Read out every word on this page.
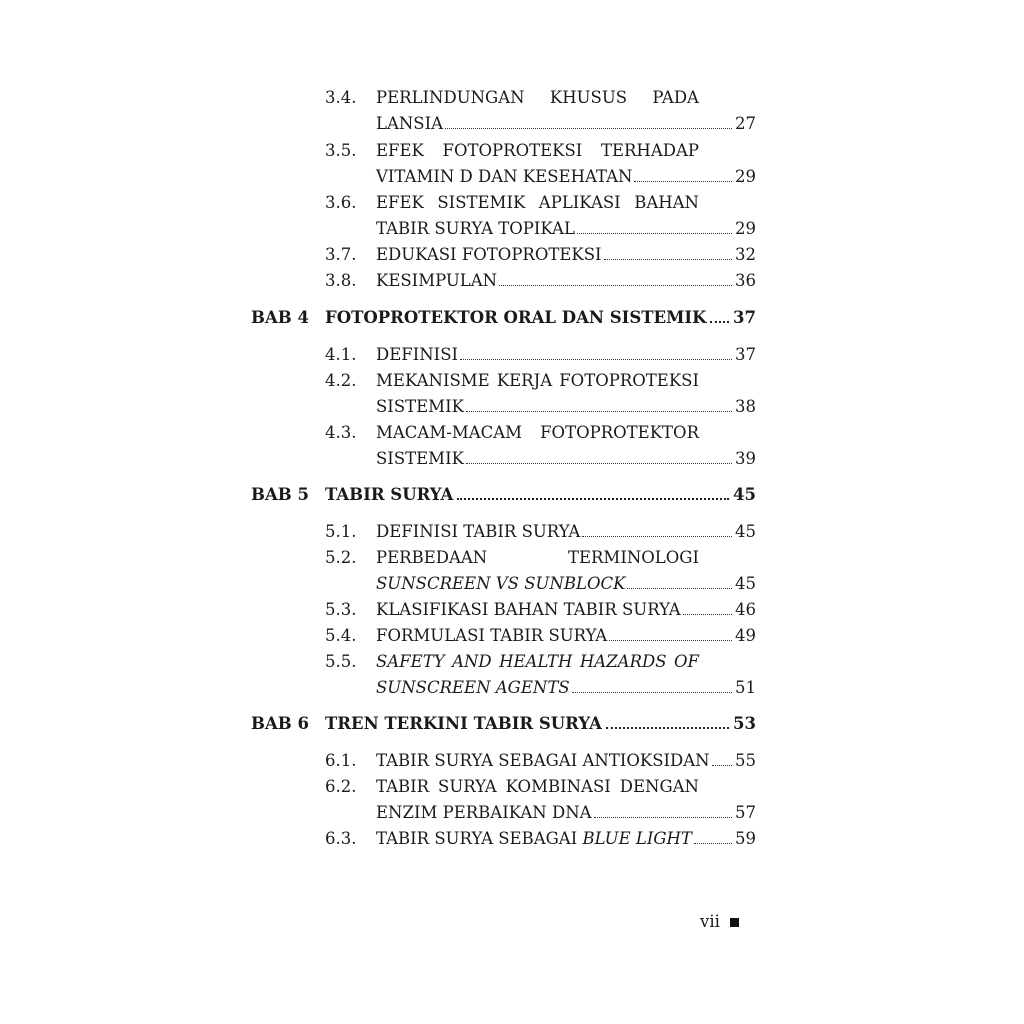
3.4. PERLINDUNGAN KHUSUS PADA
LANSIA	27
3.5. EFEK FOTOPROTEKSI TERHADAP
VITAMIN D DAN KESEHATAN	29
3.6. EFEK SISTEMIK APLIKASI BAHAN
TABIR SURYA TOPIKAL	29
3.7. EDUKASI FOTOPROTEKSI	32
3.8. KESIMPULAN	36
BAB 4 FOTOPROTEKTOR ORAL DAN SISTEMIK 37
4.1. DEFINISI	37
4.2. MEKANISME KERJA FOTOPROTEKSI
SISTEMIK	38
4.3. MACAM-MACAM FOTOPROTEKTOR
SISTEMIK	39
BAB 5 TABIR SURYA	45
5.1. DEFINISI TABIR SURYA	45
5.2. PERBEDAAN	TERMINOLOGI
SUNSCREEN VS SUNBLOCK	45
5.3. KLASIFIKASI BAHAN TABIR SURYA	46
5.4. FORMULASI TABIR SURYA	49
5.5. SAFETY AND HEALTH HAZARDS OF
SUNSCREEN AGENTS	51
BAB 6 TREN TERKINI TABIR SURYA	53
6.1. TABIR SURYA SEBAGAI ANTIOKSIDAN 55
6.2. TABIR SURYA KOMBINASI DENGAN
ENZIM PERBAIKAN DNA	57
6.3. TABIR SURYA SEBAGAI BLUE LIGHT	59
vii
